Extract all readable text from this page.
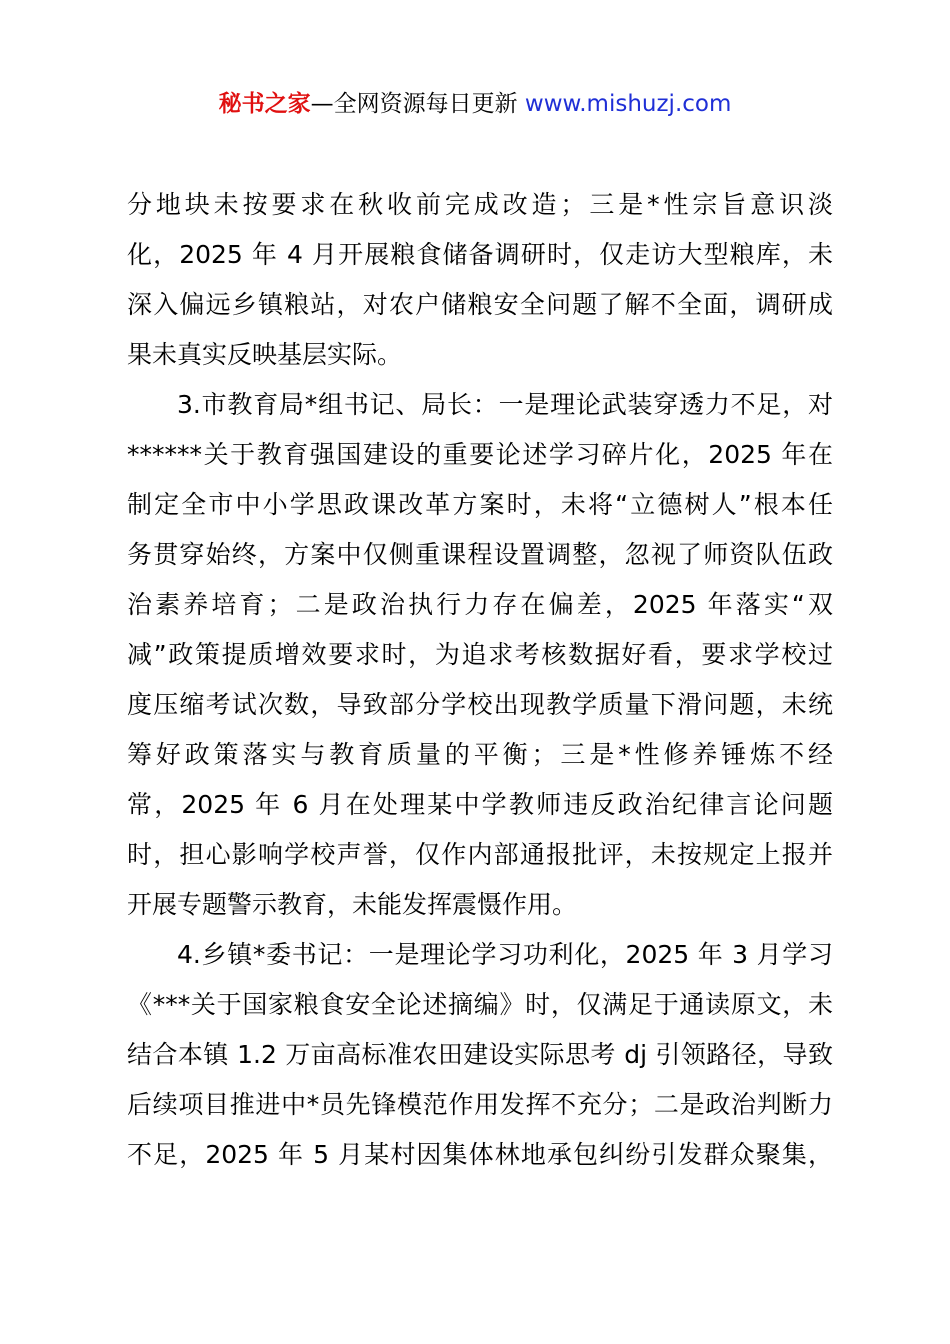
秘书之家—全网资源每日更新 www.mishuzj.com
分地块未按要求在秋收前完成改造；三是*性宗旨意识淡
化，2025 年 4 月开展粮食储备调研时，仅走访大型粮库，未
深入偏远乡镇粮站，对农户储粮安全问题了解不全面，调研成
果未真实反映基层实际。
3.市教育局*组书记、局长：一是理论武装穿透力不足，对
******关于教育强国建设的重要论述学习碎片化，2025 年在
制定全市中小学思政课改革方案时，未将“立德树人”根本任
务贯穿始终，方案中仅侧重课程设置调整，忽视了师资队伍政
治素养培育；二是政治执行力存在偏差，2025 年落实“双
减”政策提质增效要求时，为追求考核数据好看，要求学校过
度压缩考试次数，导致部分学校出现教学质量下滑问题，未统
筹好政策落实与教育质量的平衡；三是*性修养锤炼不经
常，2025 年 6 月在处理某中学教师违反政治纪律言论问题
时，担心影响学校声誉，仅作内部通报批评，未按规定上报并
开展专题警示教育，未能发挥震慑作用。
4.乡镇*委书记：一是理论学习功利化，2025 年 3 月学习
《***关于国家粮食安全论述摘编》时，仅满足于通读原文，未
结合本镇 1.2 万亩高标准农田建设实际思考 dj 引领路径，导致
后续项目推进中*员先锋模范作用发挥不充分；二是政治判断力
不足，2025 年 5 月某村因集体林地承包纠纷引发群众聚集，
